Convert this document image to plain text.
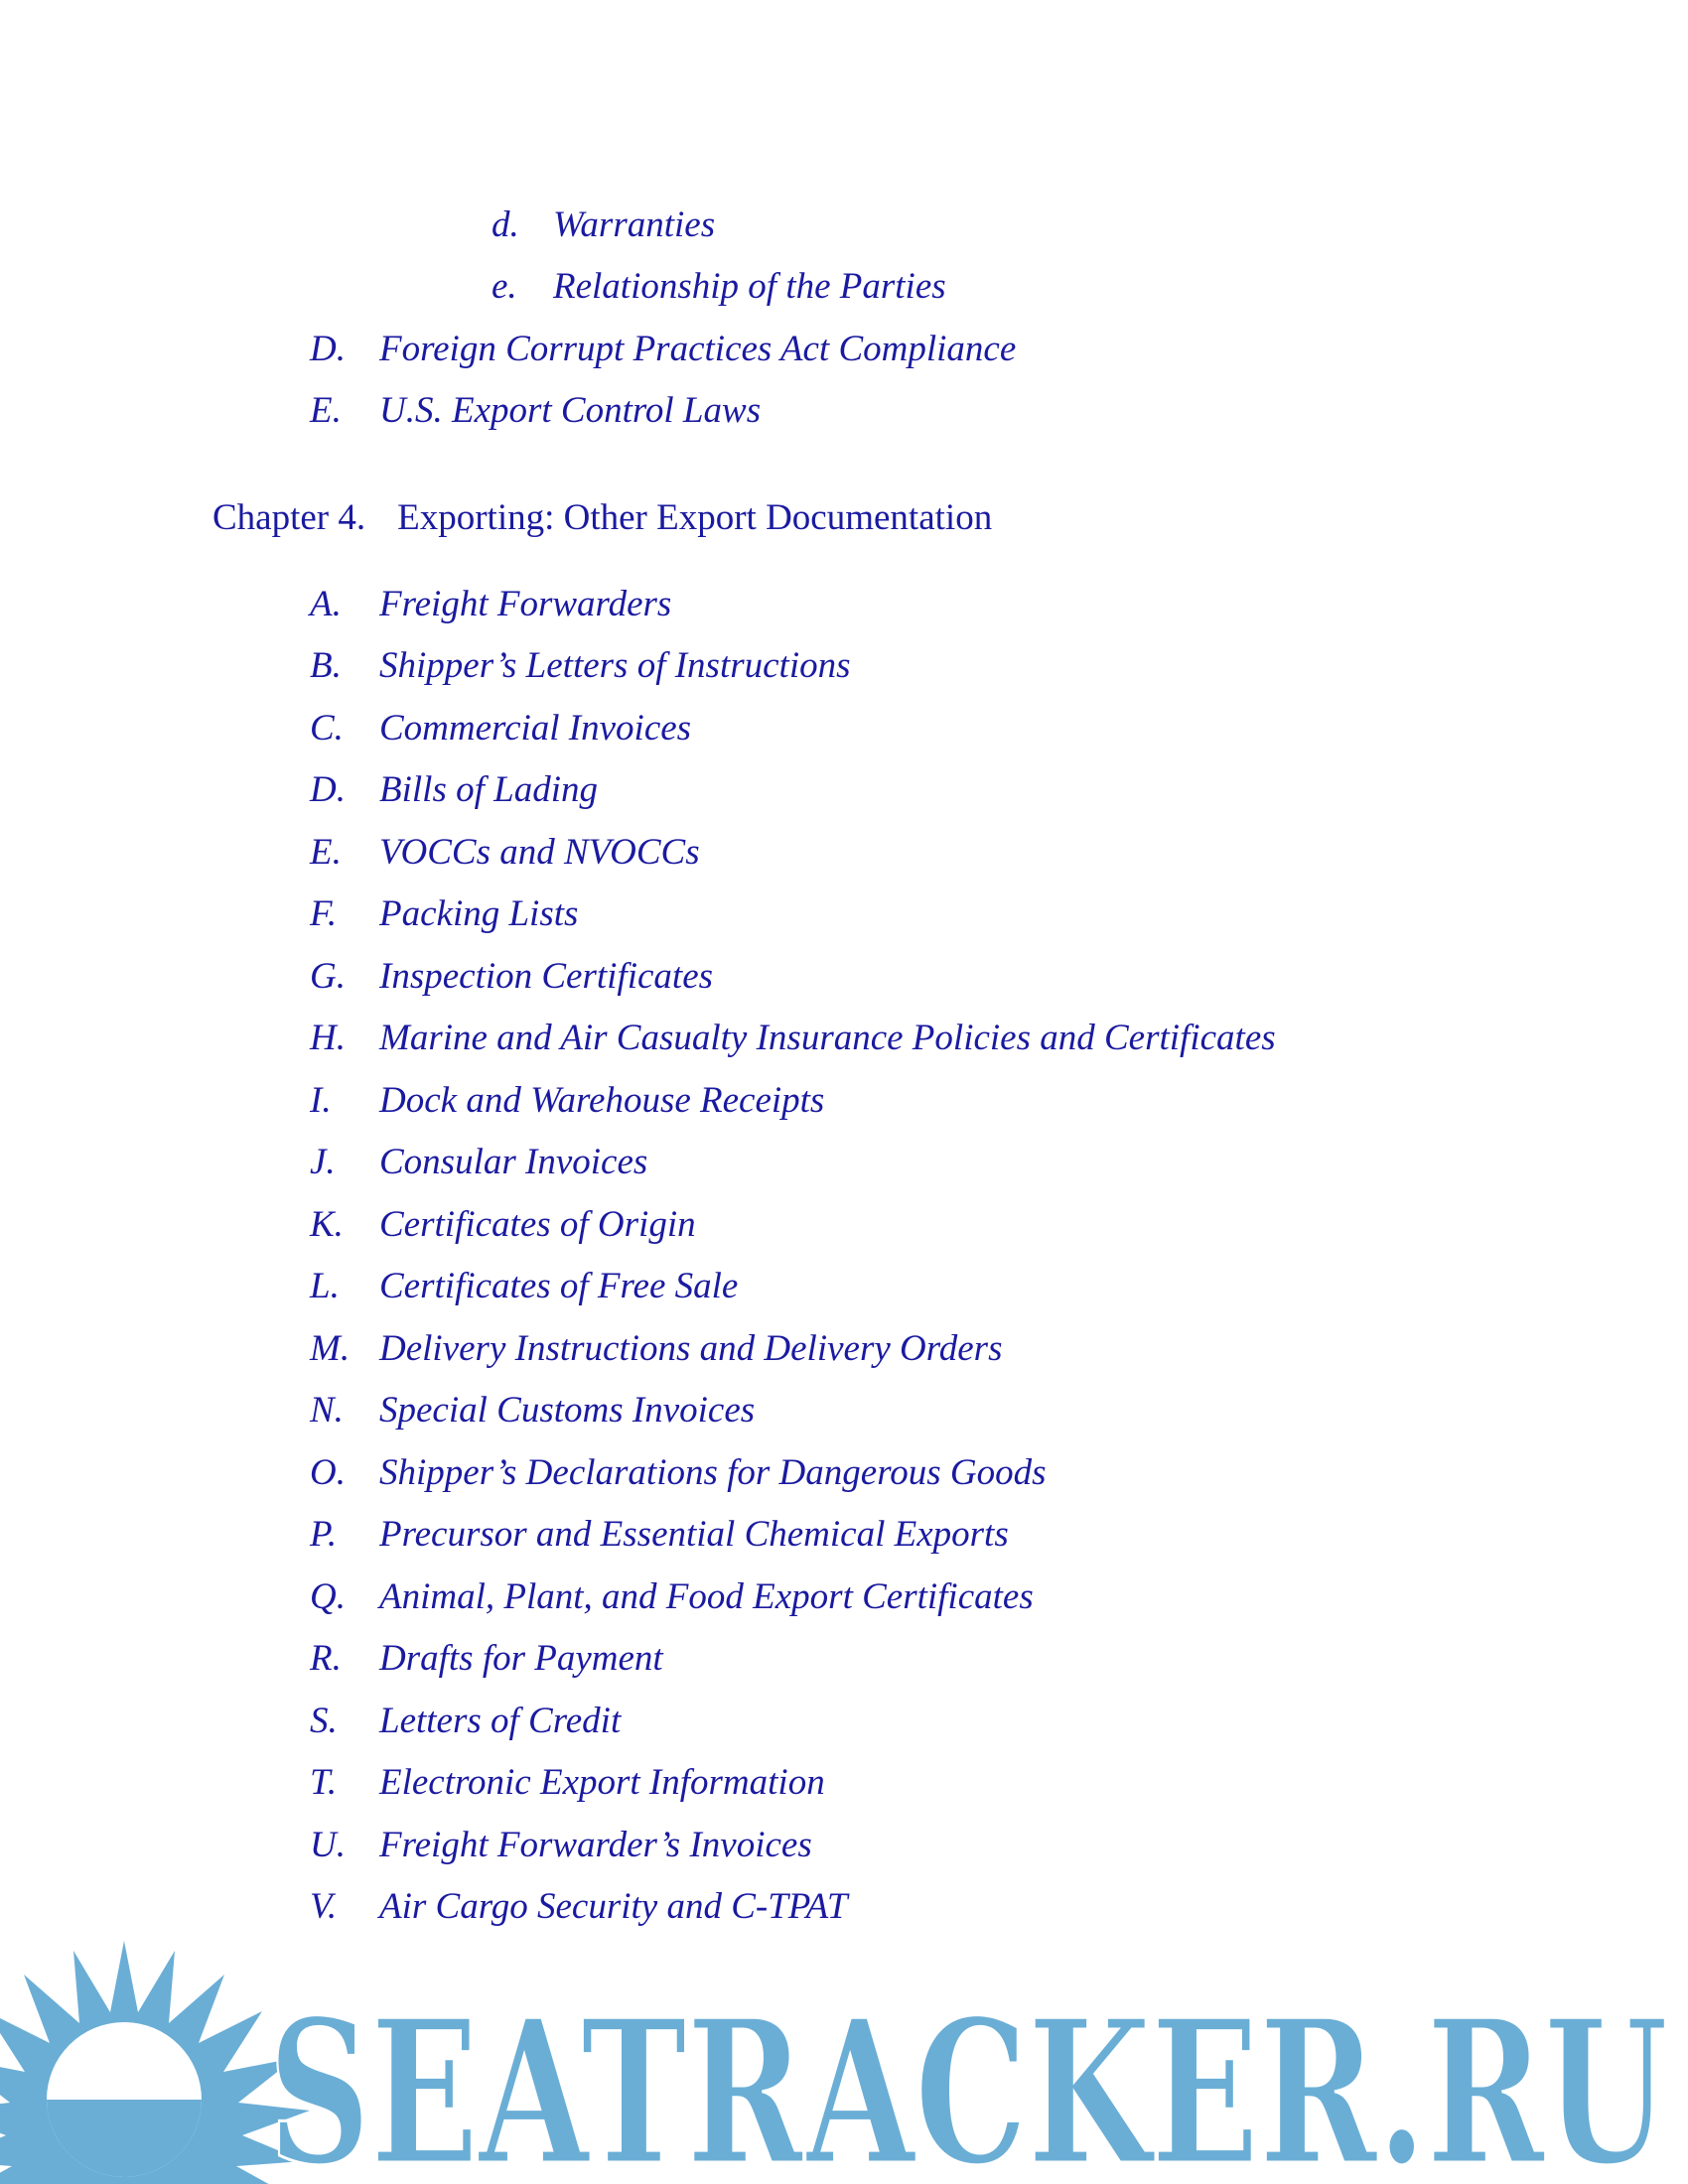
d. Warranties

e. Relationship of the Parties

D. Foreign Corrupt Practices Act Compliance

E. U.S. Export Control Laws

Chapter 4. Exporting: Other Export Documentation

A. Freight Forwarders

B. Shipper’s Letters of Instructions

C. Commercial Invoices

D. Bills of Lading

E. VOCCs and NVOCCs

F. Packing Lists

G. Inspection Certificates

H. Marine and Air Casualty Insurance Policies and Certificates

I. Dock and Warehouse Receipts

J. Consular Invoices

K. Certificates of Origin

L. Certificates of Free Sale

M. Delivery Instructions and Delivery Orders

N. Special Customs Invoices

O. Shipper’s Declarations for Dangerous Goods

P. Precursor and Essential Chemical Exports

Q. Animal, Plant, and Food Export Certificates

R. Drafts for Payment

S. Letters of Credit

T. Electronic Export Information

U. Freight Forwarder’s Invoices

V. Air Cargo Security and C-TPAT

SEATRACKER.RU
